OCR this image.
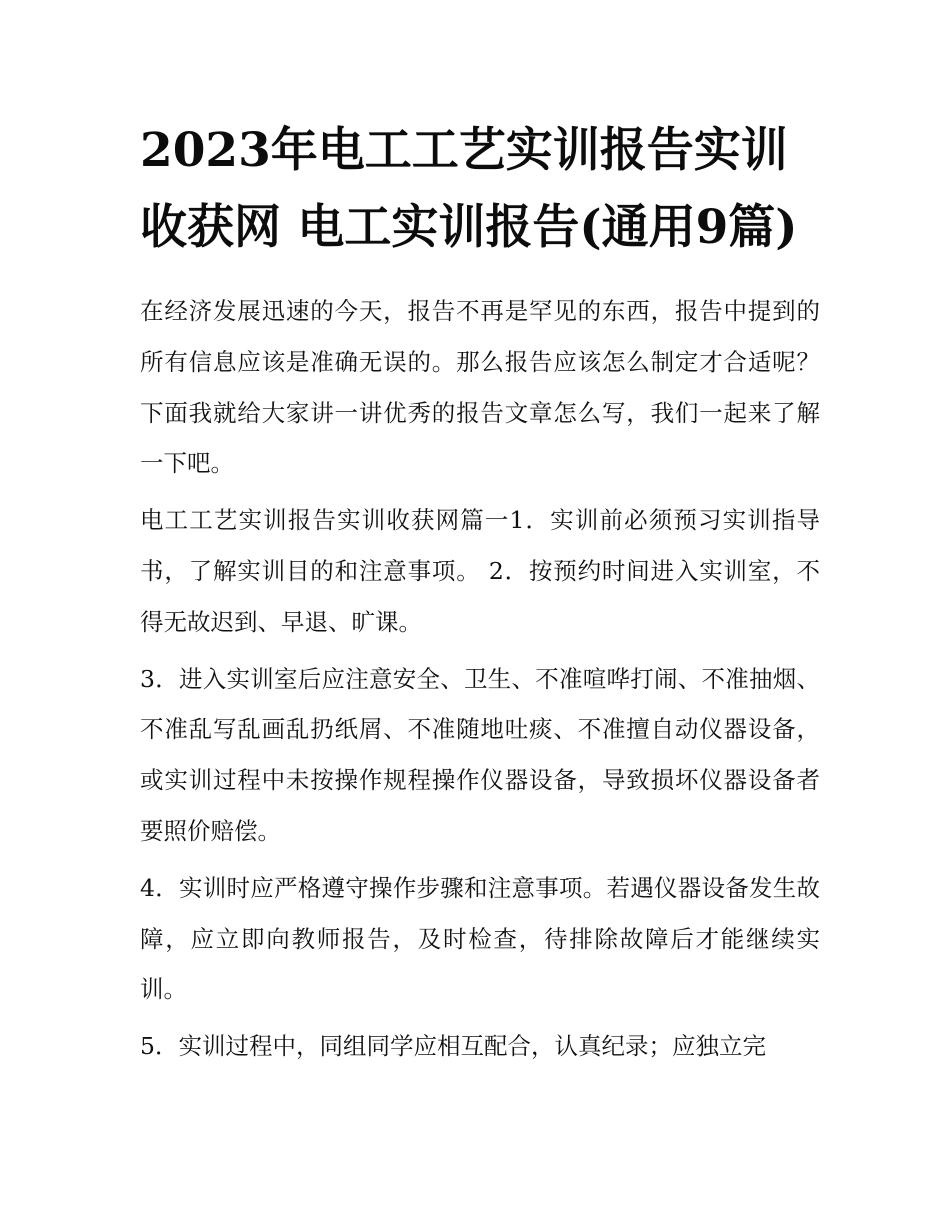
2023年电工工艺实训报告实训收获网 电工实训报告(通用9篇)

在经济发展迅速的今天，报告不再是罕见的东西，报告中提到的所有信息应该是准确无误的。那么报告应该怎么制定才合适呢？下面我就给大家讲一讲优秀的报告文章怎么写，我们一起来了解一下吧。

电工工艺实训报告实训收获网篇一1．实训前必须预习实训指导书，了解实训目的和注意事项。 2．按预约时间进入实训室，不得无故迟到、早退、旷课。

3．进入实训室后应注意安全、卫生、不准喧哗打闹、不准抽烟、不准乱写乱画乱扔纸屑、不准随地吐痰、不准擅自动仪器设备，或实训过程中未按操作规程操作仪器设备，导致损坏仪器设备者要照价赔偿。

4．实训时应严格遵守操作步骤和注意事项。若遇仪器设备发生故障，应立即向教师报告，及时检查，待排除故障后才能继续实训。

5．实训过程中，同组同学应相互配合，认真纪录；应独立完
